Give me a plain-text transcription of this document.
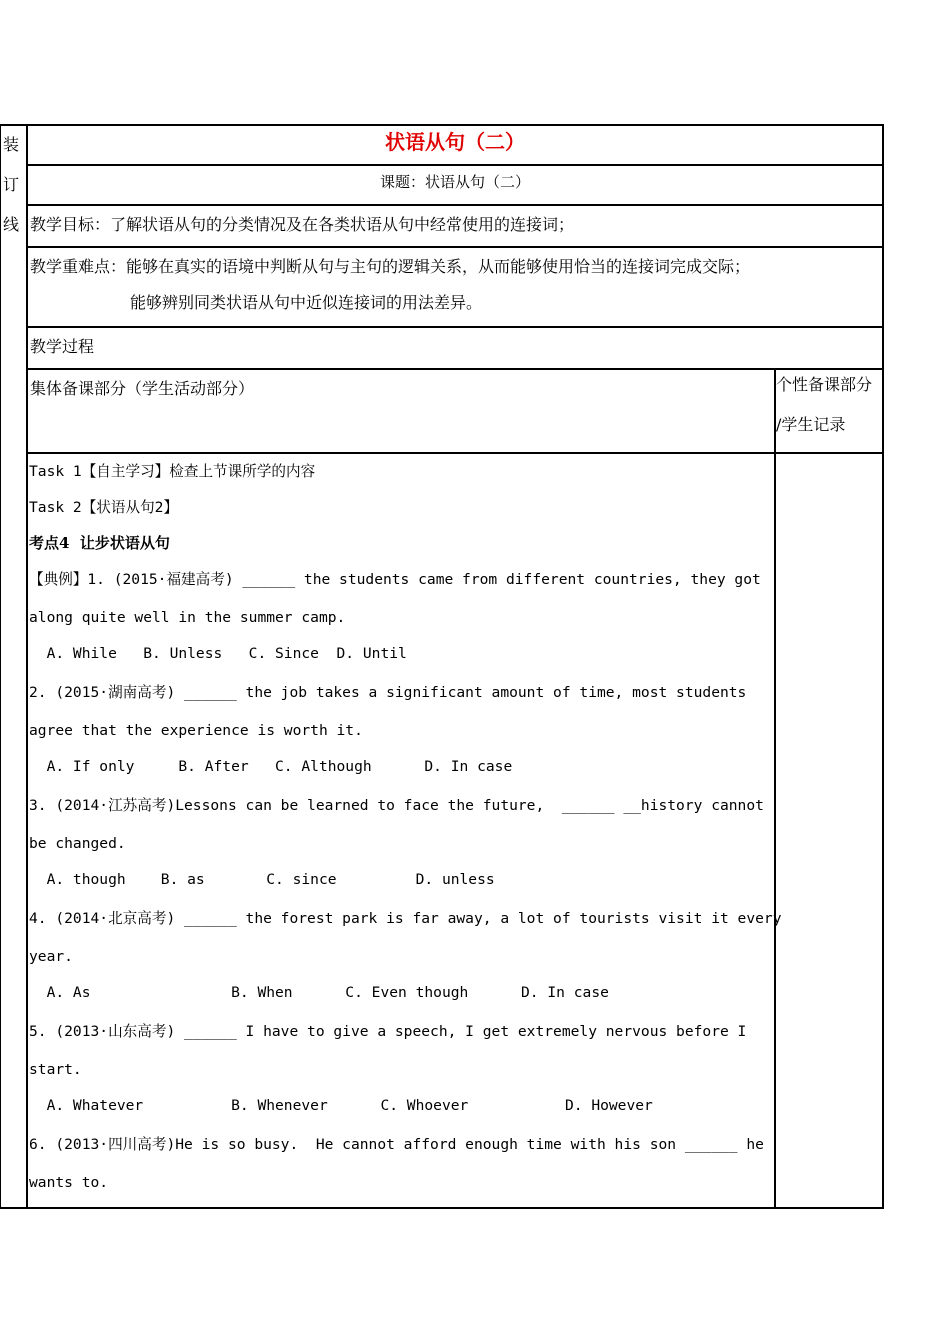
装
订
线
状语从句（二）
课题：状语从句（二）
教学目标：了解状语从句的分类情况及在各类状语从句中经常使用的连接词；
教学重难点：能够在真实的语境中判断从句与主句的逻辑关系，从而能够使用恰当的连接词完成交际；
能够辨别同类状语从句中近似连接词的用法差异。
教学过程
集体备课部分（学生活动部分）	个性备课部分
/学生记录
Task 1【自主学习】检查上节课所学的内容
Task 2【状语从句2】
考点4  让步状语从句
【典例】1. (2015·福建高考) ______ the students came from different countries, they got
along quite well in the summer camp.
A. While   B. Unless   C. Since  D. Until
2. (2015·湖南高考) ______ the job takes a significant amount of time, most students
agree that the experience is worth it.
A. If only     B. After   C. Although      D. In case
3. (2014·江苏高考)Lessons can be learned to face the future,  ______ __history cannot
be changed.
A. though    B. as       C. since         D. unless
4. (2014·北京高考) ______ the forest park is far away, a lot of tourists visit it every
year.
A. As                B. When      C. Even though      D. In case
5. (2013·山东高考) ______ I have to give a speech, I get extremely nervous before I
start.
A. Whatever          B. Whenever      C. Whoever           D. However
6. (2013·四川高考)He is so busy.  He cannot afford enough time with his son ______ he
wants to.
